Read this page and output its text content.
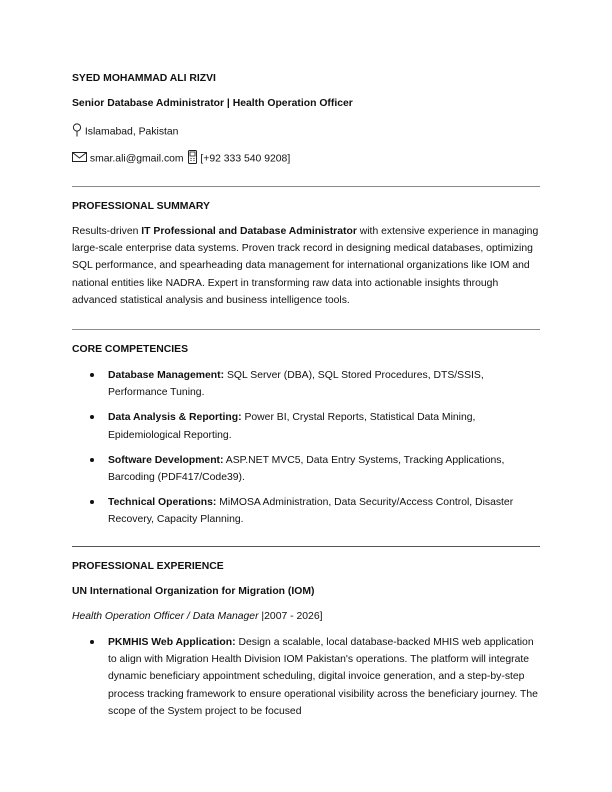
SYED MOHAMMAD ALI RIZVI
Senior Database Administrator | Health Operation Officer
Islamabad, Pakistan
smar.ali@gmail.com [+92 333 540 9208]
PROFESSIONAL SUMMARY
Results-driven IT Professional and Database Administrator with extensive experience in managing large-scale enterprise data systems. Proven track record in designing medical databases, optimizing SQL performance, and spearheading data management for international organizations like IOM and national entities like NADRA. Expert in transforming raw data into actionable insights through advanced statistical analysis and business intelligence tools.
CORE COMPETENCIES
Database Management: SQL Server (DBA), SQL Stored Procedures, DTS/SSIS, Performance Tuning.
Data Analysis & Reporting: Power BI, Crystal Reports, Statistical Data Mining, Epidemiological Reporting.
Software Development: ASP.NET MVC5, Data Entry Systems, Tracking Applications, Barcoding (PDF417/Code39).
Technical Operations: MiMOSA Administration, Data Security/Access Control, Disaster Recovery, Capacity Planning.
PROFESSIONAL EXPERIENCE
UN International Organization for Migration (IOM)
Health Operation Officer / Data Manager |2007 - 2026]
PKMHIS Web Application: Design a scalable, local database-backed MHIS web application to align with Migration Health Division IOM Pakistan's operations. The platform will integrate dynamic beneficiary appointment scheduling, digital invoice generation, and a step-by-step process tracking framework to ensure operational visibility across the beneficiary journey. The scope of the System project to be focused
